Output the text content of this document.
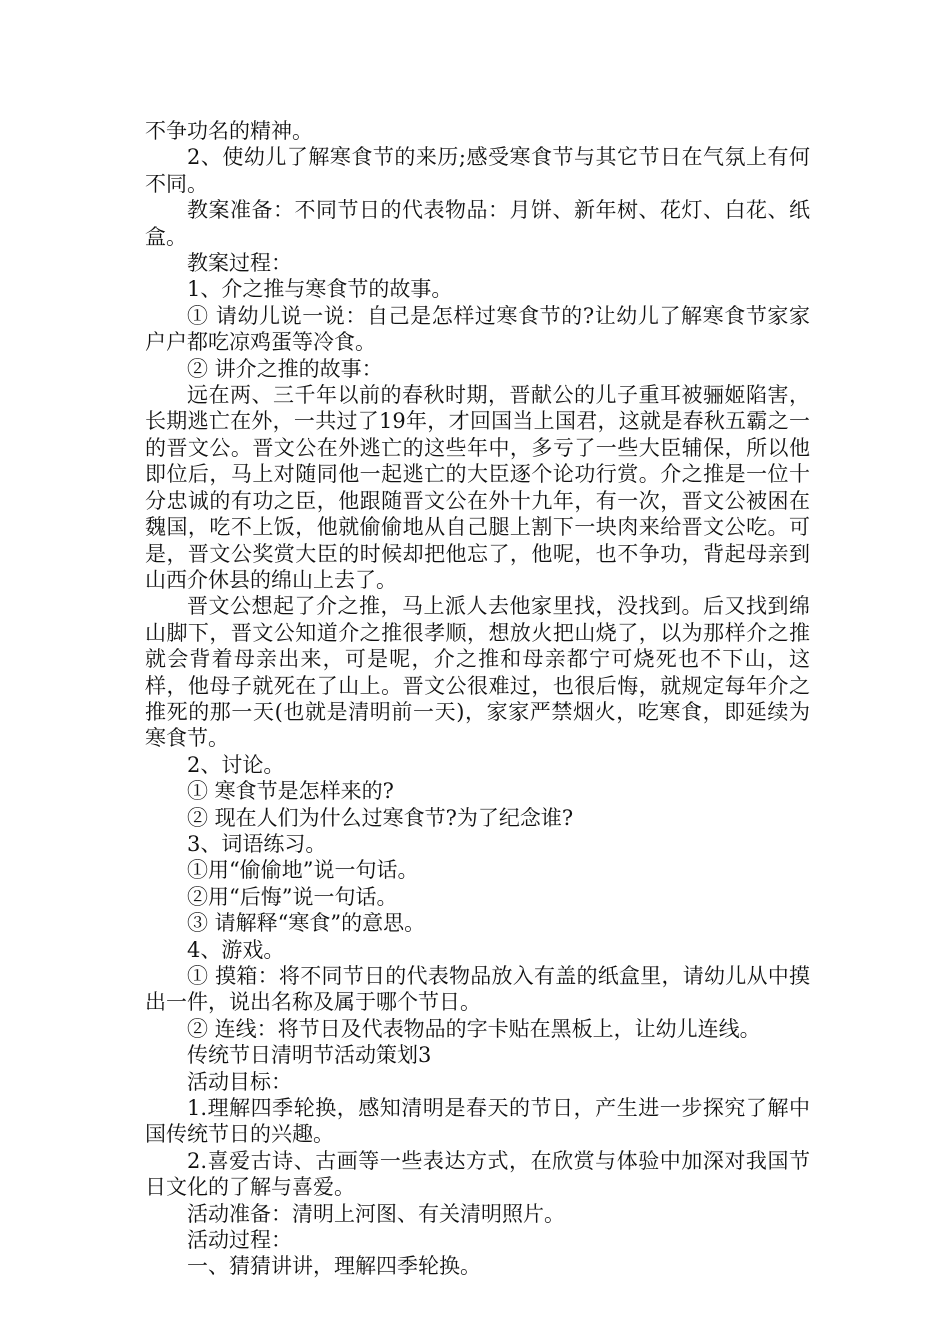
不争功名的精神。

2、使幼儿了解寒食节的来历;感受寒食节与其它节日在气氛上有何不同。

教案准备：不同节日的代表物品：月饼、新年树、花灯、白花、纸盒。

教案过程：

1、介之推与寒食节的故事。

① 请幼儿说一说：自己是怎样过寒食节的?让幼儿了解寒食节家家户户都吃凉鸡蛋等冷食。

② 讲介之推的故事：

远在两、三千年以前的春秋时期，晋献公的儿子重耳被骊姬陷害，长期逃亡在外，一共过了19年，才回国当上国君，这就是春秋五霸之一的晋文公。晋文公在外逃亡的这些年中，多亏了一些大臣辅保，所以他即位后，马上对随同他一起逃亡的大臣逐个论功行赏。介之推是一位十分忠诚的有功之臣，他跟随晋文公在外十九年，有一次，晋文公被困在魏国，吃不上饭，他就偷偷地从自己腿上割下一块肉来给晋文公吃。可是，晋文公奖赏大臣的时候却把他忘了，他呢，也不争功，背起母亲到山西介休县的绵山上去了。

晋文公想起了介之推，马上派人去他家里找，没找到。后又找到绵山脚下，晋文公知道介之推很孝顺，想放火把山烧了，以为那样介之推就会背着母亲出来，可是呢，介之推和母亲都宁可烧死也不下山，这样，他母子就死在了山上。晋文公很难过，也很后悔，就规定每年介之推死的那一天(也就是清明前一天)，家家严禁烟火，吃寒食，即延续为寒食节。

2、讨论。

① 寒食节是怎样来的?

② 现在人们为什么过寒食节?为了纪念谁?

3、词语练习。

①用“偷偷地”说一句话。

②用“后悔”说一句话。

③ 请解释“寒食”的意思。

4、游戏。

① 摸箱：将不同节日的代表物品放入有盖的纸盒里，请幼儿从中摸出一件，说出名称及属于哪个节日。

② 连线：将节日及代表物品的字卡贴在黑板上，让幼儿连线。

传统节日清明节活动策划3

活动目标：

1.理解四季轮换，感知清明是春天的节日，产生进一步探究了解中国传统节日的兴趣。

2.喜爱古诗、古画等一些表达方式，在欣赏与体验中加深对我国节日文化的了解与喜爱。

活动准备：清明上河图、有关清明照片。

活动过程：

一、猜猜讲讲，理解四季轮换。
